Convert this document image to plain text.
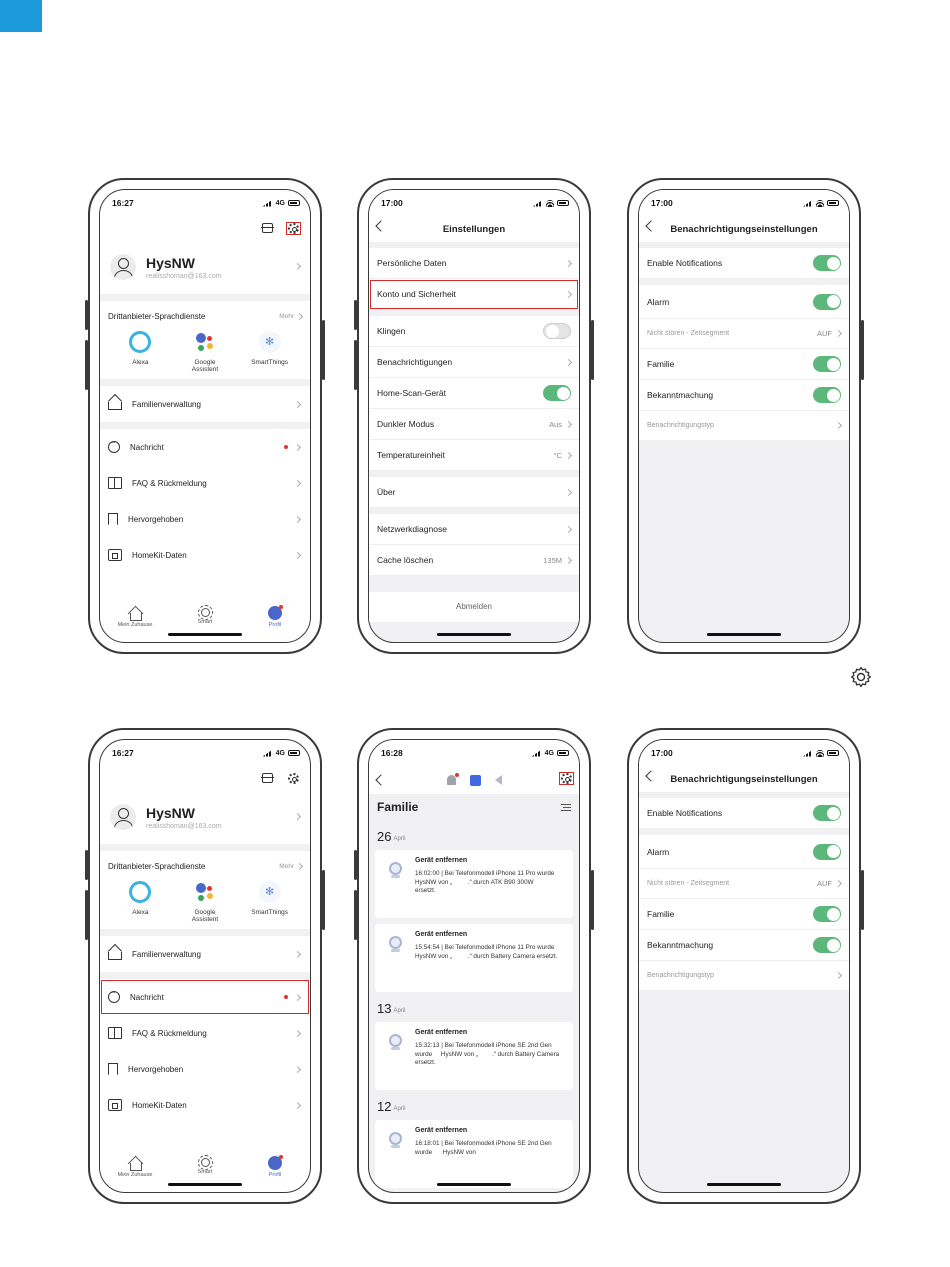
16:27	4G
HysNW
realisshoman@163.com
Drittanbieter-Sprachdienste	Mehr
Alexa	Google
Assistent
✻
SmartThings
Familienverwaltung
···
Nachricht
FAQ & Rückmeldung
Hervorgehoben
HomeKit-Daten
Mein Zuhause	Smart	Profil
17:00
Einstellungen
Persönliche Daten
Konto und Sicherheit
Klingen
Benachrichtigungen
Home-Scan-Gerät
Dunkler Modus	Aus
Temperatureinheit	°C
Über
Netzwerkdiagnose
Cache löschen	135M
Abmelden
17:00
Benachrichtigungseinstellungen
Enable Notifications
Alarm
Nicht stören - Zeitsegment	AUF
Familie
Bekanntmachung
Benachrichtigungstyp
16:27	4G
HysNW
realisshoman@163.com
Drittanbieter-Sprachdienste	Mehr
Alexa	Google
Assistent
✻
SmartThings
Familienverwaltung
···
Nachricht
FAQ & Rückmeldung
Hervorgehoben
HomeKit-Daten
Mein Zuhause	Smart	Profil
16:28	4G
Familie
26 April
Gerät entfernen
16:02:00 | Bei Telefonmodell iPhone 11 Pro wurde      HysNW von „         .“ durch ATK B90 300W            ersetzt.
Gerät entfernen
15:54:54 | Bei Telefonmodell iPhone 11 Pro wurde      HysNW von „         .“ durch Battery Camera ersetzt.
13 April
Gerät entfernen
15:32:13 | Bei Telefonmodell iPhone SE 2nd Gen wurde     HysNW von „        .“ durch Battery Camera ersetzt.
12 April
Gerät entfernen
16:18:01 | Bei Telefonmodell iPhone SE 2nd Gen wurde      HysNW von
17:00
Benachrichtigungseinstellungen
Enable Notifications
Alarm
Nicht stören - Zeitsegment	AUF
Familie
Bekanntmachung
Benachrichtigungstyp
